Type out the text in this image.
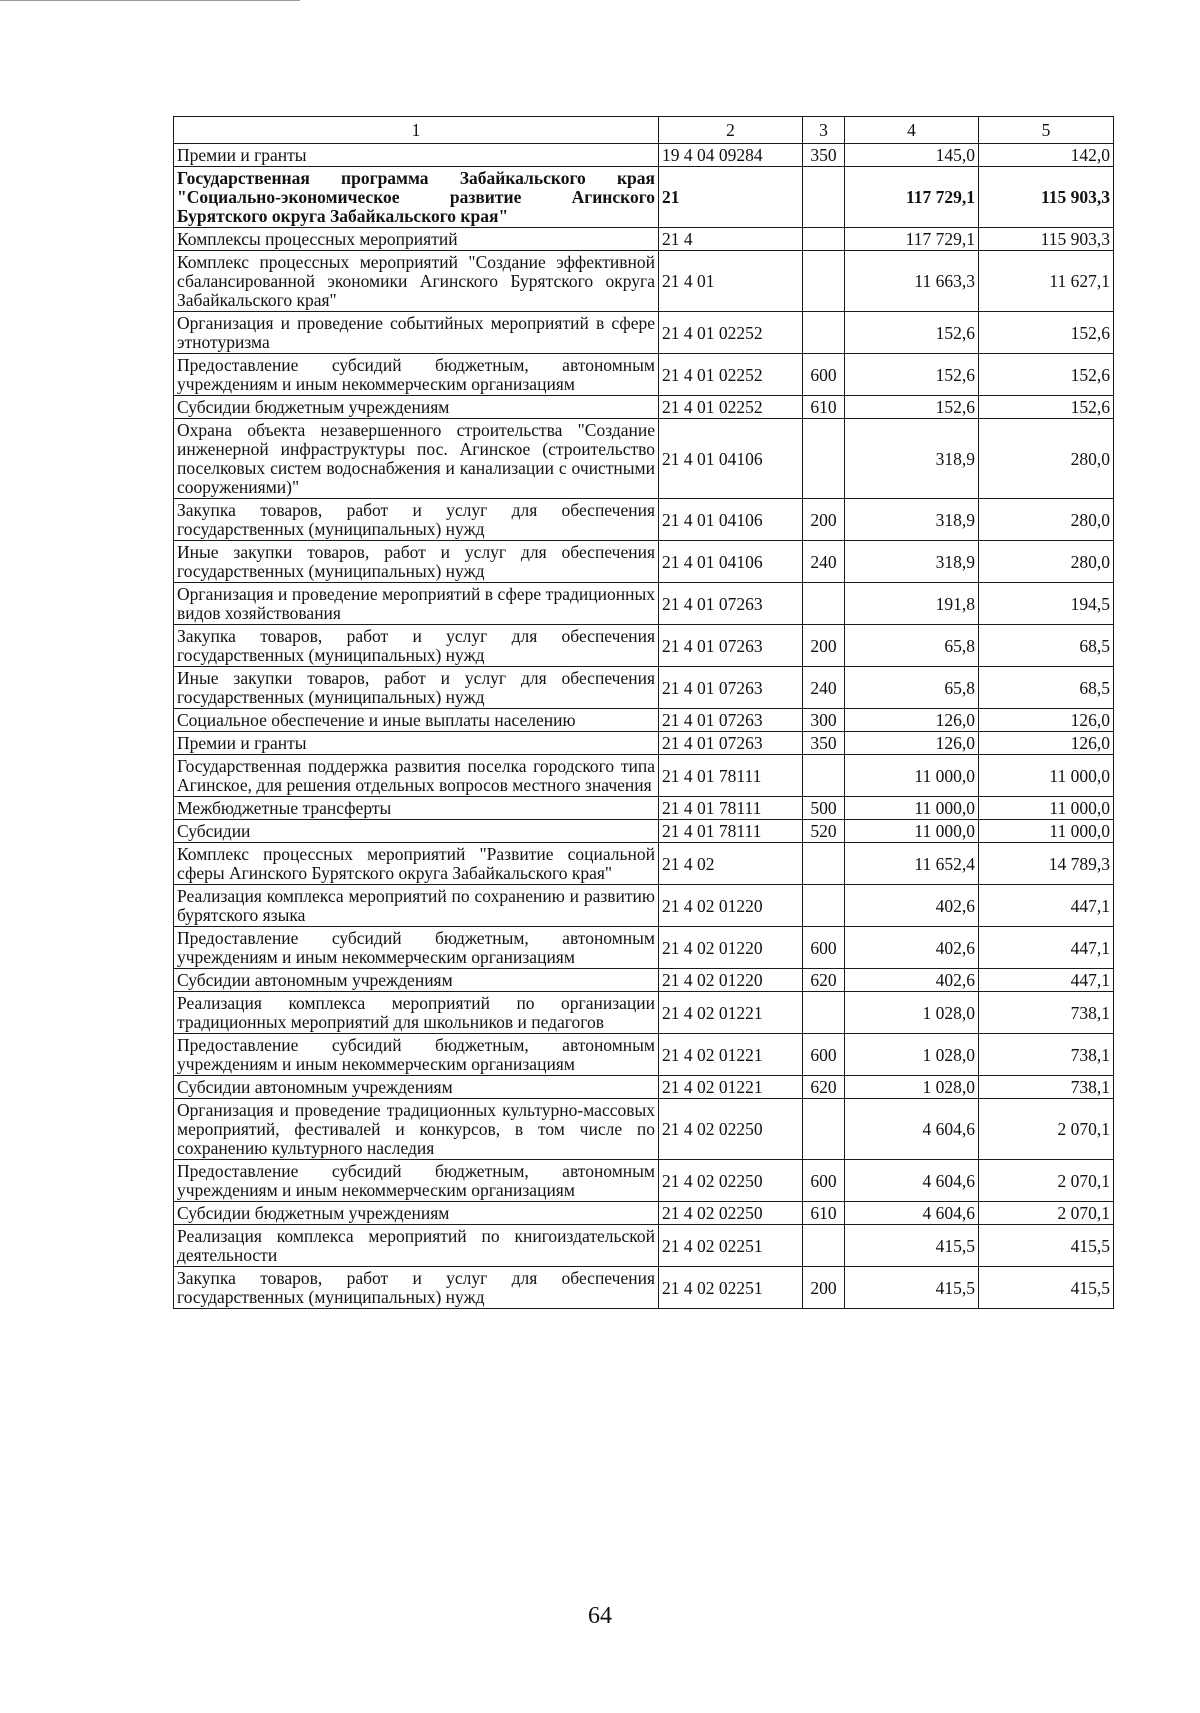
1	2	3	4	5
Премии и гранты	19 4 04 09284	350	145,0	142,0
Государственная программа Забайкальского края "Социально-экономическое развитие Агинского Бурятского округа Забайкальского края"	21		117 729,1	115 903,3
Комплексы процессных мероприятий	21 4		117 729,1	115 903,3
Комплекс процессных мероприятий "Создание эффективной сбалансированной экономики Агинского Бурятского округа Забайкальского края"	21 4 01		11 663,3	11 627,1
Организация и проведение событийных мероприятий в сфере этнотуризма	21 4 01 02252		152,6	152,6
Предоставление субсидий бюджетным, автономным учреждениям и иным некоммерческим организациям	21 4 01 02252	600	152,6	152,6
Субсидии бюджетным учреждениям	21 4 01 02252	610	152,6	152,6
Охрана объекта незавершенного строительства "Создание инженерной инфраструктуры пос. Агинское (строительство поселковых систем водоснабжения и канализации с очистными сооружениями)"	21 4 01 04106		318,9	280,0
Закупка товаров, работ и услуг для обеспечения государственных (муниципальных) нужд	21 4 01 04106	200	318,9	280,0
Иные закупки товаров, работ и услуг для обеспечения государственных (муниципальных) нужд	21 4 01 04106	240	318,9	280,0
Организация и проведение мероприятий в сфере традиционных видов хозяйствования	21 4 01 07263		191,8	194,5
Закупка товаров, работ и услуг для обеспечения государственных (муниципальных) нужд	21 4 01 07263	200	65,8	68,5
Иные закупки товаров, работ и услуг для обеспечения государственных (муниципальных) нужд	21 4 01 07263	240	65,8	68,5
Социальное обеспечение и иные выплаты населению	21 4 01 07263	300	126,0	126,0
Премии и гранты	21 4 01 07263	350	126,0	126,0
Государственная поддержка развития поселка городского типа Агинское, для решения отдельных вопросов местного значения	21 4 01 78111		11 000,0	11 000,0
Межбюджетные трансферты	21 4 01 78111	500	11 000,0	11 000,0
Субсидии	21 4 01 78111	520	11 000,0	11 000,0
Комплекс процессных мероприятий "Развитие социальной сферы Агинского Бурятского округа Забайкальского края"	21 4 02		11 652,4	14 789,3
Реализация комплекса мероприятий по сохранению и развитию бурятского языка	21 4 02 01220		402,6	447,1
Предоставление субсидий бюджетным, автономным учреждениям и иным некоммерческим организациям	21 4 02 01220	600	402,6	447,1
Субсидии автономным учреждениям	21 4 02 01220	620	402,6	447,1
Реализация комплекса мероприятий по организации традиционных мероприятий для школьников и педагогов	21 4 02 01221		1 028,0	738,1
Предоставление субсидий бюджетным, автономным учреждениям и иным некоммерческим организациям	21 4 02 01221	600	1 028,0	738,1
Субсидии автономным учреждениям	21 4 02 01221	620	1 028,0	738,1
Организация и проведение традиционных культурно-массовых мероприятий, фестивалей и конкурсов, в том числе по сохранению культурного наследия	21 4 02 02250		4 604,6	2 070,1
Предоставление субсидий бюджетным, автономным учреждениям и иным некоммерческим организациям	21 4 02 02250	600	4 604,6	2 070,1
Субсидии бюджетным учреждениям	21 4 02 02250	610	4 604,6	2 070,1
Реализация комплекса мероприятий по книгоиздательской деятельности	21 4 02 02251		415,5	415,5
Закупка товаров, работ и услуг для обеспечения государственных (муниципальных) нужд	21 4 02 02251	200	415,5	415,5
64
